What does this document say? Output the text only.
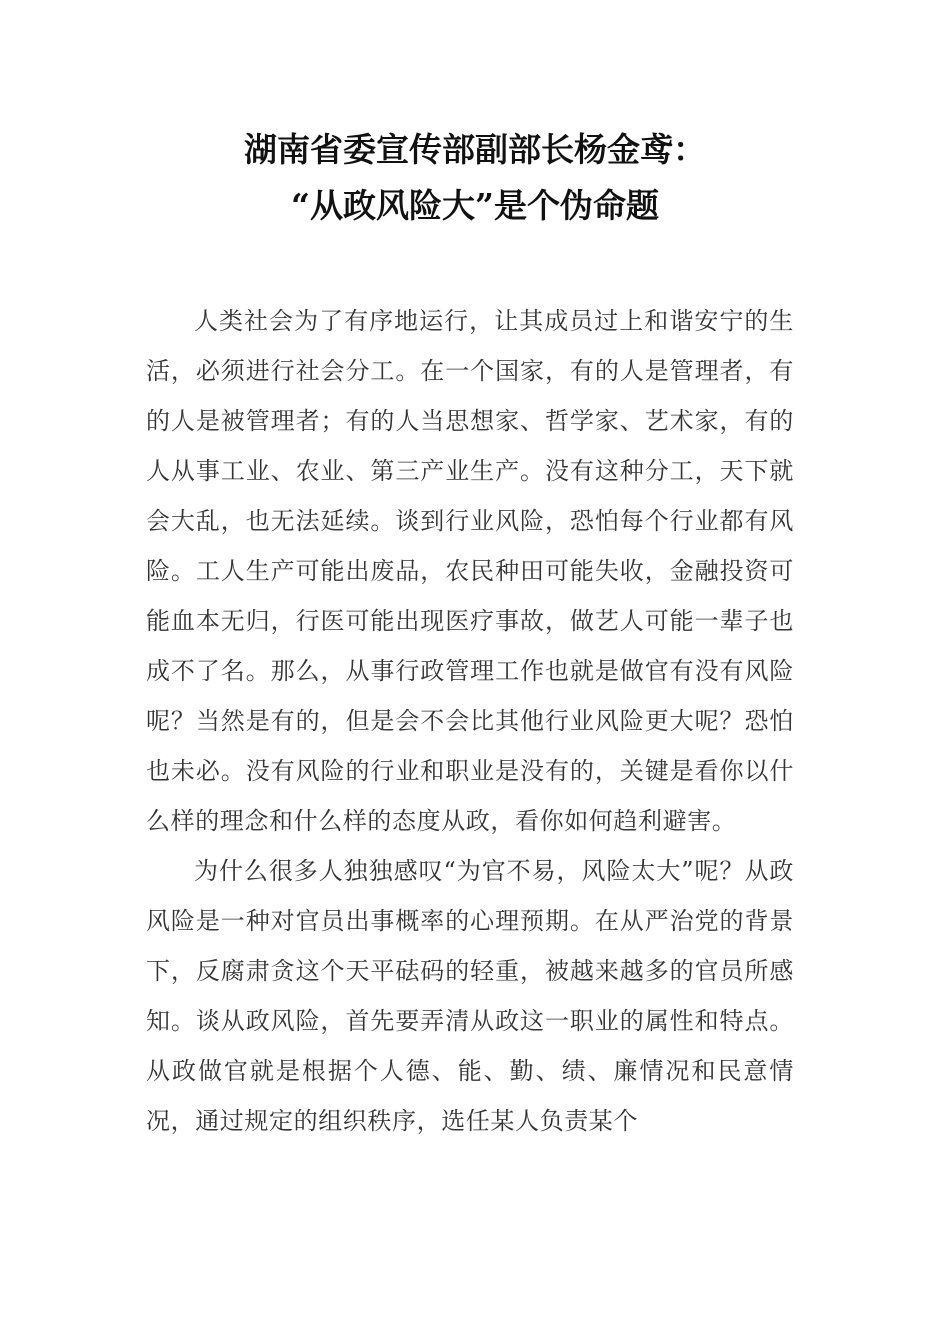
湖南省委宣传部副部长杨金鸢：
“从政风险大”是个伪命题

人类社会为了有序地运行，让其成员过上和谐安宁的生活，必须进行社会分工。在一个国家，有的人是管理者，有的人是被管理者；有的人当思想家、哲学家、艺术家，有的人从事工业、农业、第三产业生产。没有这种分工，天下就会大乱，也无法延续。谈到行业风险，恐怕每个行业都有风险。工人生产可能出废品，农民种田可能失收，金融投资可能血本无归，行医可能出现医疗事故，做艺人可能一辈子也成不了名。那么，从事行政管理工作也就是做官有没有风险呢？当然是有的，但是会不会比其他行业风险更大呢？恐怕也未必。没有风险的行业和职业是没有的，关键是看你以什么样的理念和什么样的态度从政，看你如何趋利避害。

为什么很多人独独感叹“为官不易，风险太大”呢？从政风险是一种对官员出事概率的心理预期。在从严治党的背景下，反腐肃贪这个天平砝码的轻重，被越来越多的官员所感知。谈从政风险，首先要弄清从政这一职业的属性和特点。从政做官就是根据个人德、能、勤、绩、廉情况和民意情况，通过规定的组织秩序，选任某人负责某个
